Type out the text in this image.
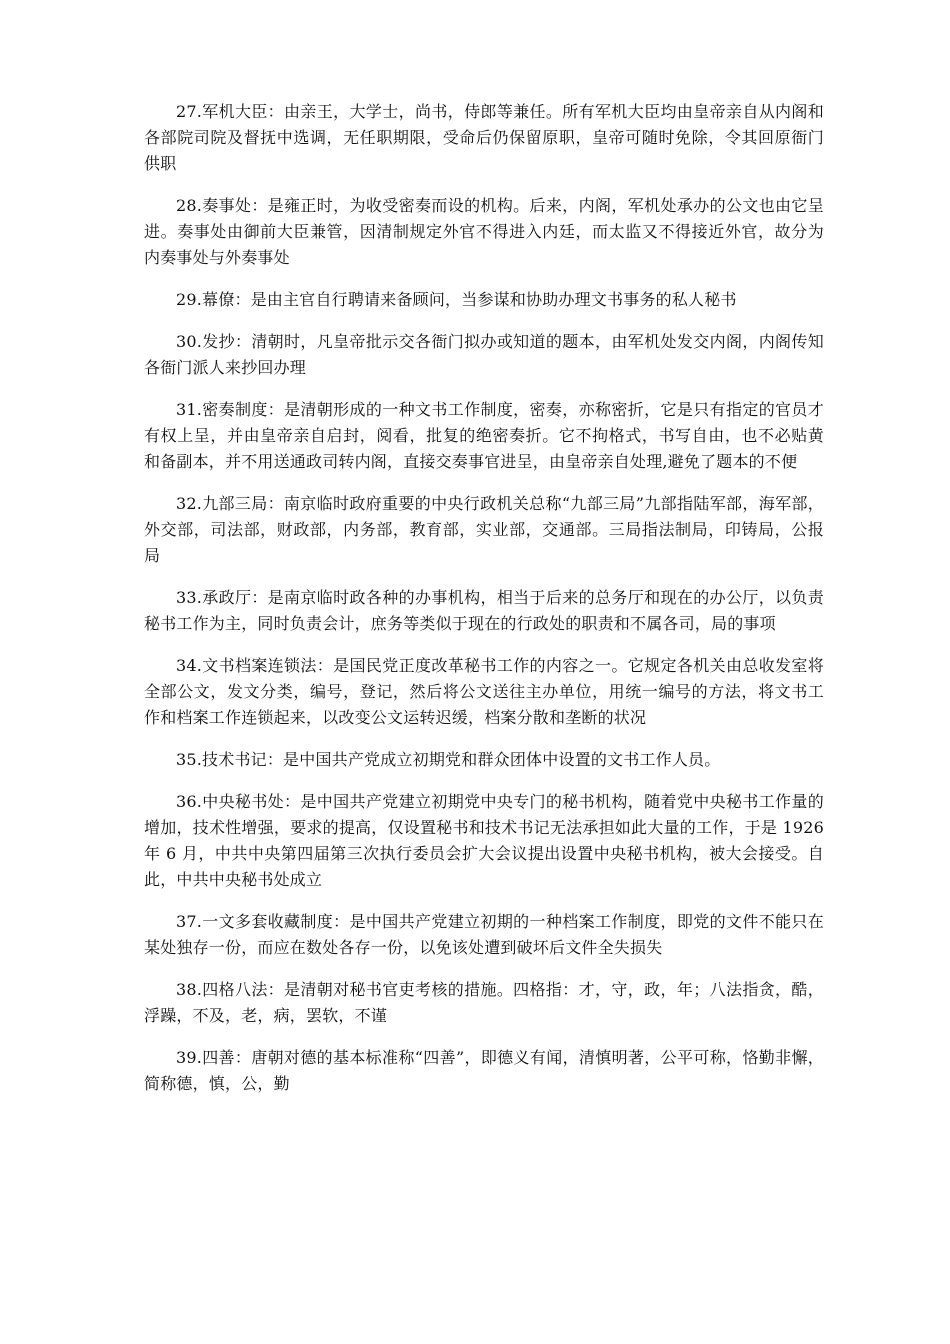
27.军机大臣：由亲王，大学士，尚书，侍郎等兼任。所有军机大臣均由皇帝亲自从内阁和各部院司院及督抚中选调，无任职期限，受命后仍保留原职，皇帝可随时免除，令其回原衙门供职

28.奏事处：是雍正时，为收受密奏而设的机构。后来，内阁，军机处承办的公文也由它呈进。奏事处由御前大臣兼管，因清制规定外官不得进入内廷，而太监又不得接近外官，故分为内奏事处与外奏事处

29.幕僚：是由主官自行聘请来备顾问，当参谋和协助办理文书事务的私人秘书

30.发抄：清朝时，凡皇帝批示交各衙门拟办或知道的题本，由军机处发交内阁，内阁传知各衙门派人来抄回办理

31.密奏制度：是清朝形成的一种文书工作制度，密奏，亦称密折，它是只有指定的官员才有权上呈，并由皇帝亲自启封，阅看，批复的绝密奏折。它不拘格式，书写自由，也不必贴黄和备副本，并不用送通政司转内阁，直接交奏事官进呈，由皇帝亲自处理,避免了题本的不便

32.九部三局：南京临时政府重要的中央行政机关总称“九部三局”九部指陆军部，海军部，外交部，司法部，财政部，内务部，教育部，实业部，交通部。三局指法制局，印铸局，公报局

33.承政厅：是南京临时政各种的办事机构，相当于后来的总务厅和现在的办公厅，以负责秘书工作为主，同时负责会计，庶务等类似于现在的行政处的职责和不属各司，局的事项

34.文书档案连锁法：是国民党正度改革秘书工作的内容之一。它规定各机关由总收发室将全部公文，发文分类，编号，登记，然后将公文送往主办单位，用统一编号的方法，将文书工作和档案工作连锁起来，以改变公文运转迟缓，档案分散和垄断的状况

35.技术书记：是中国共产党成立初期党和群众团体中设置的文书工作人员。

36.中央秘书处：是中国共产党建立初期党中央专门的秘书机构，随着党中央秘书工作量的增加，技术性增强，要求的提高，仅设置秘书和技术书记无法承担如此大量的工作，于是 1926 年 6 月，中共中央第四届第三次执行委员会扩大会议提出设置中央秘书机构，被大会接受。自此，中共中央秘书处成立

37.一文多套收藏制度：是中国共产党建立初期的一种档案工作制度，即党的文件不能只在某处独存一份，而应在数处各存一份，以免该处遭到破坏后文件全失损失

38.四格八法：是清朝对秘书官吏考核的措施。四格指：才，守，政，年；八法指贪，酷，浮躁，不及，老，病，罢软，不谨

39.四善：唐朝对德的基本标准称“四善”，即德义有闻，清慎明著，公平可称，恪勤非懈，简称德，慎，公，勤
